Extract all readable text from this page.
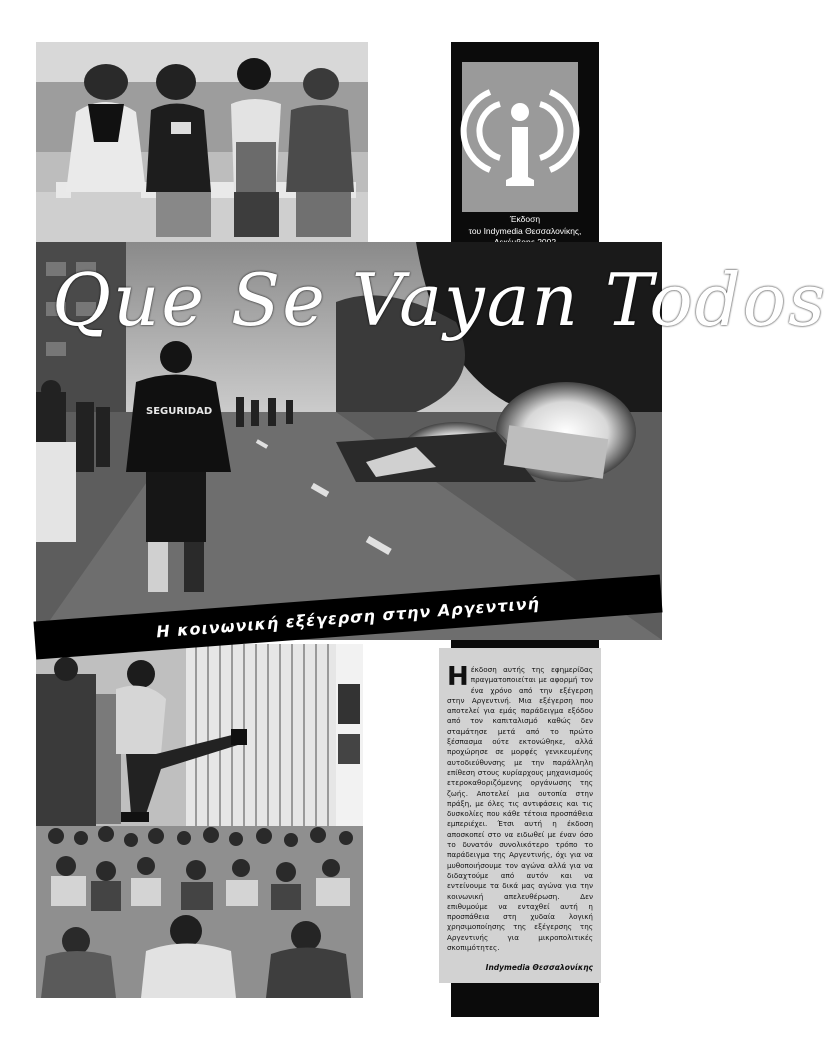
Έκδοση
του Indymedia Θεσσαλονίκης,
SEGURIDAD
Que Se Vayan Todos
Η κοινωνική εξέγερση στην Αργεντινή
Ηέκδοση αυτής της εφημερίδας πραγματοποιείται με αφορμή τον ένα χρόνο από την εξέγερση στην Αργεντινή. Μια εξέγερση που αποτελεί για εμάς παράδειγμα εξόδου από τον καπιταλισμό καθώς δεν σταμάτησε μετά από το πρώτο ξέσπασμα ούτε εκτονώθηκε, αλλά προχώρησε σε μορφές γενικευμένης αυτοδιεύθυνσης με την παράλληλη επίθεση στους κυρίαρχους μηχανισμούς ετεροκαθοριζόμενης οργάνωσης της ζωής. Αποτελεί μια ουτοπία στην πράξη, με όλες τις αντιφάσεις και τις δυσκολίες που κάθε τέτοια προσπάθεια εμπεριέχει. Έτσι αυτή η έκδοση αποσκοπεί στο να ειδωθεί με έναν όσο το δυνατόν συνολικότερο τρόπο το παράδειγμα της Αργεντινής, όχι για να μυθοποιήσουμε τον αγώνα αλλά για να διδαχτούμε από αυτόν και να εντείνουμε τα δικά μας αγώνα για την κοινωνική απελευθέρωση. Δεν επιθυμούμε να ενταχθεί αυτή η προσπάθεια στη χυδαία λογική χρησιμοποίησης της εξέγερσης της Αργεντινής για μικροπολιτικές σκοπιμότητες.
Indymedia Θεσσαλονίκης
